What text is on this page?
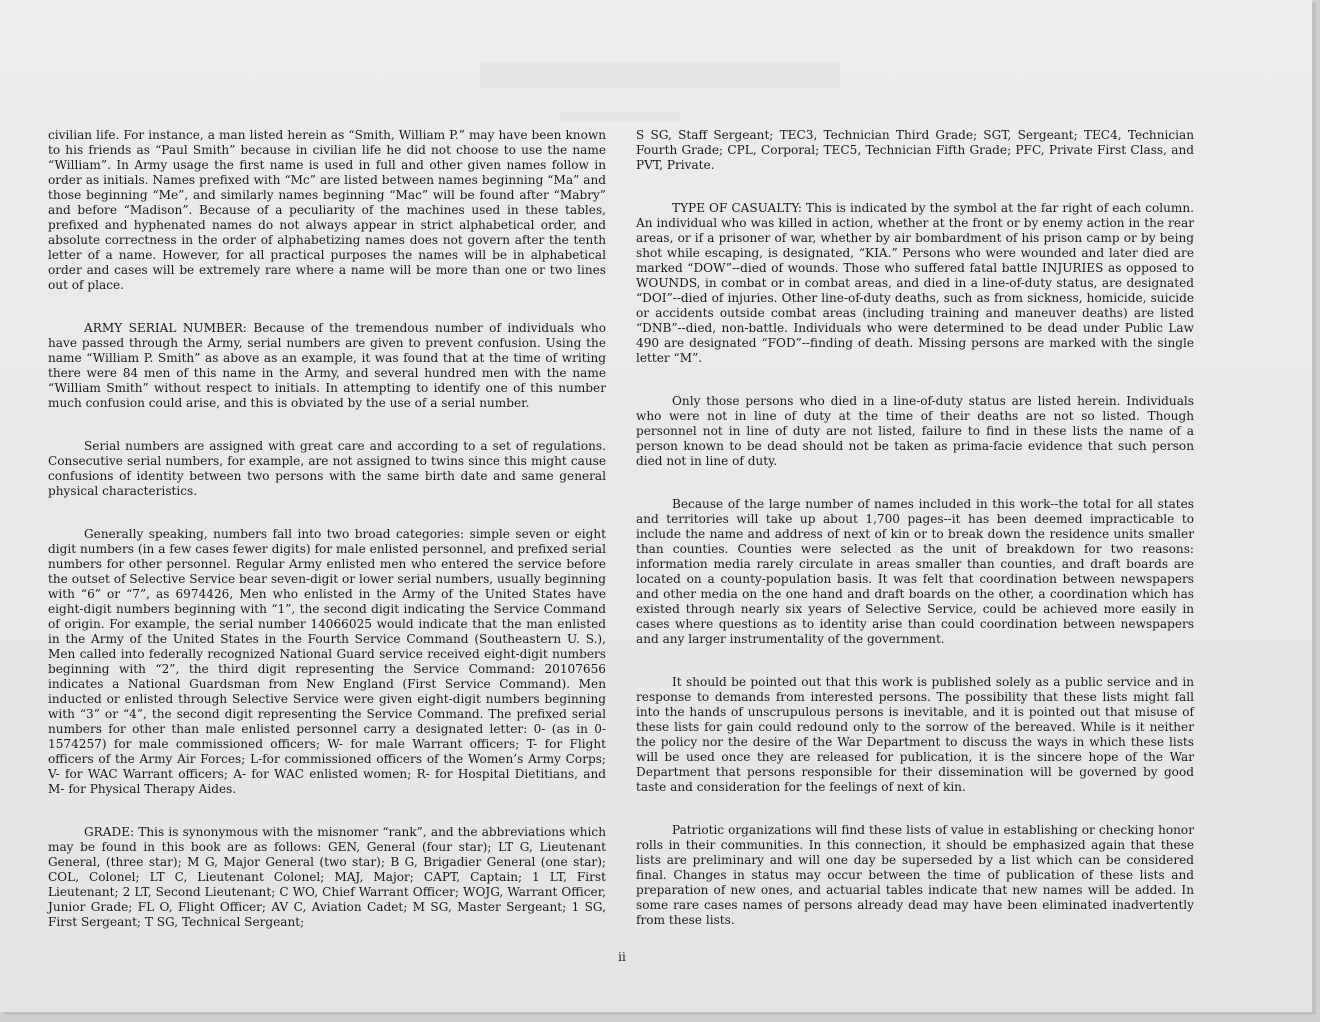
civilian life. For instance, a man listed herein as “Smith, William P.” may have been known to his friends as “Paul Smith” because in civilian life he did not choose to use the name “William”. In Army usage the first name is used in full and other given names follow in order as initials. Names prefixed with “Mc” are listed between names beginning “Ma” and those beginning “Me”, and similarly names beginning “Mac” will be found after “Mabry” and before “Madison”. Because of a peculiarity of the machines used in these tables, prefixed and hyphenated names do not always appear in strict alphabetical order, and absolute correctness in the order of alphabetizing names does not govern after the tenth letter of a name. However, for all practical purposes the names will be in alphabetical order and cases will be extremely rare where a name will be more than one or two lines out of place.

ARMY SERIAL NUMBER: Because of the tremendous number of individuals who have passed through the Army, serial numbers are given to prevent confusion. Using the name “William P. Smith” as above as an example, it was found that at the time of writing there were 84 men of this name in the Army, and several hundred men with the name “William Smith” without respect to initials. In attempting to identify one of this number much confusion could arise, and this is obviated by the use of a serial number.

Serial numbers are assigned with great care and according to a set of regulations. Consecutive serial numbers, for example, are not assigned to twins since this might cause confusions of identity between two persons with the same birth date and same general physical characteristics.

Generally speaking, numbers fall into two broad categories: simple seven or eight digit numbers (in a few cases fewer digits) for male enlisted personnel, and prefixed serial numbers for other personnel. Regular Army enlisted men who entered the service before the outset of Selective Service bear seven-digit or lower serial numbers, usually beginning with “6” or “7”, as 6974426, Men who enlisted in the Army of the United States have eight-digit numbers beginning with “1”, the second digit indicating the Service Command of origin. For example, the serial number 14066025 would indicate that the man enlisted in the Army of the United States in the Fourth Service Command (Southeastern U. S.), Men called into federally recognized National Guard service received eight-digit numbers beginning with “2”, the third digit representing the Service Command: 20107656 indicates a National Guardsman from New England (First Service Command). Men inducted or enlisted through Selective Service were given eight-digit numbers beginning with “3” or “4”, the second digit representing the Service Command. The prefixed serial numbers for other than male enlisted personnel carry a designated letter: 0- (as in 0-1574257) for male commissioned officers; W- for male Warrant officers; T- for Flight officers of the Army Air Forces; L-for commissioned officers of the Women’s Army Corps; V- for WAC Warrant officers; A- for WAC enlisted women; R- for Hospital Dietitians, and M- for Physical Therapy Aides.

GRADE: This is synonymous with the misnomer “rank”, and the abbreviations which may be found in this book are as follows: GEN, General (four star); LT G, Lieutenant General, (three star); M G, Major General (two star); B G, Brigadier General (one star); COL, Colonel; LT C, Lieutenant Colonel; MAJ, Major; CAPT, Captain; 1 LT, First Lieutenant; 2 LT, Second Lieutenant; C WO, Chief Warrant Officer; WOJG, Warrant Officer, Junior Grade; FL O, Flight Officer; AV C, Aviation Cadet; M SG, Master Sergeant; 1 SG, First Sergeant; T SG, Technical Sergeant;

S SG, Staff Sergeant; TEC3, Technician Third Grade; SGT, Sergeant; TEC4, Technician Fourth Grade; CPL, Corporal; TEC5, Technician Fifth Grade; PFC, Private First Class, and PVT, Private.

TYPE OF CASUALTY: This is indicated by the symbol at the far right of each column. An individual who was killed in action, whether at the front or by enemy action in the rear areas, or if a prisoner of war, whether by air bombardment of his prison camp or by being shot while escaping, is designated, “KIA.” Persons who were wounded and later died are marked “DOW”--died of wounds. Those who suffered fatal battle INJURIES as opposed to WOUNDS, in combat or in combat areas, and died in a line-of-duty status, are designated “DOI”--died of injuries. Other line-of-duty deaths, such as from sickness, homicide, suicide or accidents outside combat areas (including training and maneuver deaths) are listed “DNB”--died, non-battle. Individuals who were determined to be dead under Public Law 490 are designated “FOD”--finding of death. Missing persons are marked with the single letter “M”.

Only those persons who died in a line-of-duty status are listed herein. Individuals who were not in line of duty at the time of their deaths are not so listed. Though personnel not in line of duty are not listed, failure to find in these lists the name of a person known to be dead should not be taken as prima-facie evidence that such person died not in line of duty.

Because of the large number of names included in this work--the total for all states and territories will take up about 1,700 pages--it has been deemed impracticable to include the name and address of next of kin or to break down the residence units smaller than counties. Counties were selected as the unit of breakdown for two reasons: information media rarely circulate in areas smaller than counties, and draft boards are located on a county-population basis. It was felt that coordination between newspapers and other media on the one hand and draft boards on the other, a coordination which has existed through nearly six years of Selective Service, could be achieved more easily in cases where questions as to identity arise than could coordination between newspapers and any larger instrumentality of the government.

It should be pointed out that this work is published solely as a public service and in response to demands from interested persons. The possibility that these lists might fall into the hands of unscrupulous persons is inevitable, and it is pointed out that misuse of these lists for gain could redound only to the sorrow of the bereaved. While is it neither the policy nor the desire of the War Department to discuss the ways in which these lists will be used once they are released for publication, it is the sincere hope of the War Department that persons responsible for their dissemination will be governed by good taste and consideration for the feelings of next of kin.

Patriotic organizations will find these lists of value in establishing or checking honor rolls in their communities. In this connection, it should be emphasized again that these lists are preliminary and will one day be superseded by a list which can be considered final. Changes in status may occur between the time of publication of these lists and preparation of new ones, and actuarial tables indicate that new names will be added. In some rare cases names of persons already dead may have been eliminated inadvertently from these lists.

ii
